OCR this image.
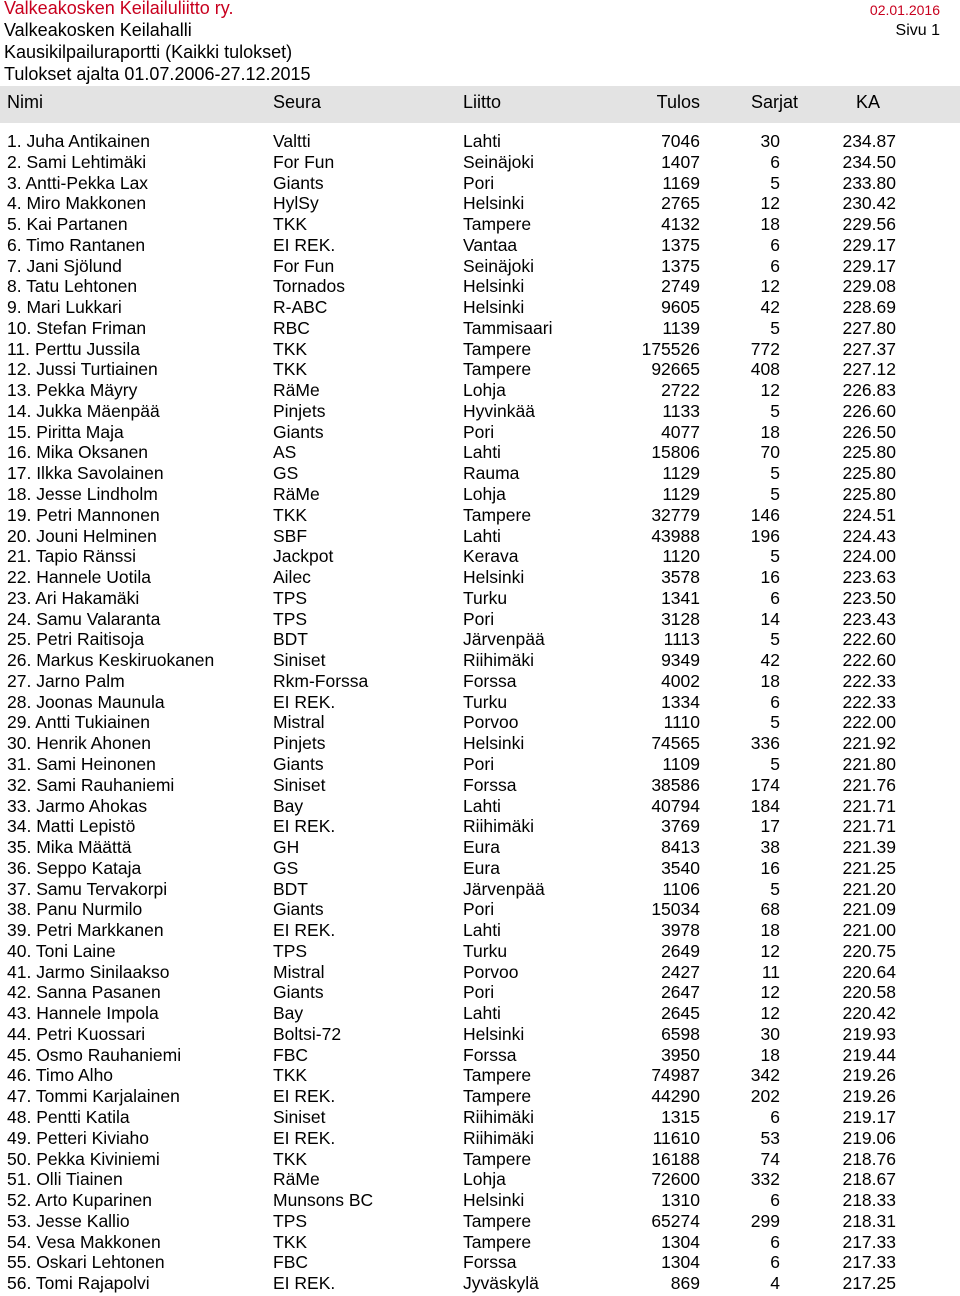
Valkeakosken Keilailuliitto ry.	02.01.2016
Valkeakosken Keilahalli	Sivu 1
Kausikilpailuraportti (Kaikki tulokset)
Tulokset ajalta 01.07.2006-27.12.2015
Nimi	Seura	Liitto	Tulos	Sarjat	KA
1. Juha Antikainen	Valtti	Lahti	7046	30	234.87
2. Sami Lehtimäki	For Fun	Seinäjoki	1407	6	234.50
3. Antti-Pekka Lax	Giants	Pori	1169	5	233.80
4. Miro Makkonen	HylSy	Helsinki	2765	12	230.42
5. Kai Partanen	TKK	Tampere	4132	18	229.56
6. Timo Rantanen	EI REK.	Vantaa	1375	6	229.17
7. Jani Sjölund	For Fun	Seinäjoki	1375	6	229.17
8. Tatu Lehtonen	Tornados	Helsinki	2749	12	229.08
9. Mari Lukkari	R-ABC	Helsinki	9605	42	228.69
10. Stefan Friman	RBC	Tammisaari	1139	5	227.80
11. Perttu Jussila	TKK	Tampere	175526	772	227.37
12. Jussi Turtiainen	TKK	Tampere	92665	408	227.12
13. Pekka Mäyry	RäMe	Lohja	2722	12	226.83
14. Jukka Mäenpää	Pinjets	Hyvinkää	1133	5	226.60
15. Piritta Maja	Giants	Pori	4077	18	226.50
16. Mika Oksanen	AS	Lahti	15806	70	225.80
17. Ilkka Savolainen	GS	Rauma	1129	5	225.80
18. Jesse Lindholm	RäMe	Lohja	1129	5	225.80
19. Petri Mannonen	TKK	Tampere	32779	146	224.51
20. Jouni Helminen	SBF	Lahti	43988	196	224.43
21. Tapio Ränssi	Jackpot	Kerava	1120	5	224.00
22. Hannele Uotila	Ailec	Helsinki	3578	16	223.63
23. Ari Hakamäki	TPS	Turku	1341	6	223.50
24. Samu Valaranta	TPS	Pori	3128	14	223.43
25. Petri Raitisoja	BDT	Järvenpää	1113	5	222.60
26. Markus Keskiruokanen	Siniset	Riihimäki	9349	42	222.60
27. Jarno Palm	Rkm-Forssa	Forssa	4002	18	222.33
28. Joonas Maunula	EI REK.	Turku	1334	6	222.33
29. Antti Tukiainen	Mistral	Porvoo	1110	5	222.00
30. Henrik Ahonen	Pinjets	Helsinki	74565	336	221.92
31. Sami Heinonen	Giants	Pori	1109	5	221.80
32. Sami Rauhaniemi	Siniset	Forssa	38586	174	221.76
33. Jarmo Ahokas	Bay	Lahti	40794	184	221.71
34. Matti Lepistö	EI REK.	Riihimäki	3769	17	221.71
35. Mika Määttä	GH	Eura	8413	38	221.39
36. Seppo Kataja	GS	Eura	3540	16	221.25
37. Samu Tervakorpi	BDT	Järvenpää	1106	5	221.20
38. Panu Nurmilo	Giants	Pori	15034	68	221.09
39. Petri Markkanen	EI REK.	Lahti	3978	18	221.00
40. Toni Laine	TPS	Turku	2649	12	220.75
41. Jarmo Sinilaakso	Mistral	Porvoo	2427	11	220.64
42. Sanna Pasanen	Giants	Pori	2647	12	220.58
43. Hannele Impola	Bay	Lahti	2645	12	220.42
44. Petri Kuossari	Boltsi-72	Helsinki	6598	30	219.93
45. Osmo Rauhaniemi	FBC	Forssa	3950	18	219.44
46. Timo Alho	TKK	Tampere	74987	342	219.26
47. Tommi Karjalainen	EI REK.	Tampere	44290	202	219.26
48. Pentti Katila	Siniset	Riihimäki	1315	6	219.17
49. Petteri Kiviaho	EI REK.	Riihimäki	11610	53	219.06
50. Pekka Kiviniemi	TKK	Tampere	16188	74	218.76
51. Olli Tiainen	RäMe	Lohja	72600	332	218.67
52. Arto Kuparinen	Munsons BC	Helsinki	1310	6	218.33
53. Jesse Kallio	TPS	Tampere	65274	299	218.31
54. Vesa Makkonen	TKK	Tampere	1304	6	217.33
55. Oskari Lehtonen	FBC	Forssa	1304	6	217.33
56. Tomi Rajapolvi	EI REK.	Jyväskylä	869	4	217.25
